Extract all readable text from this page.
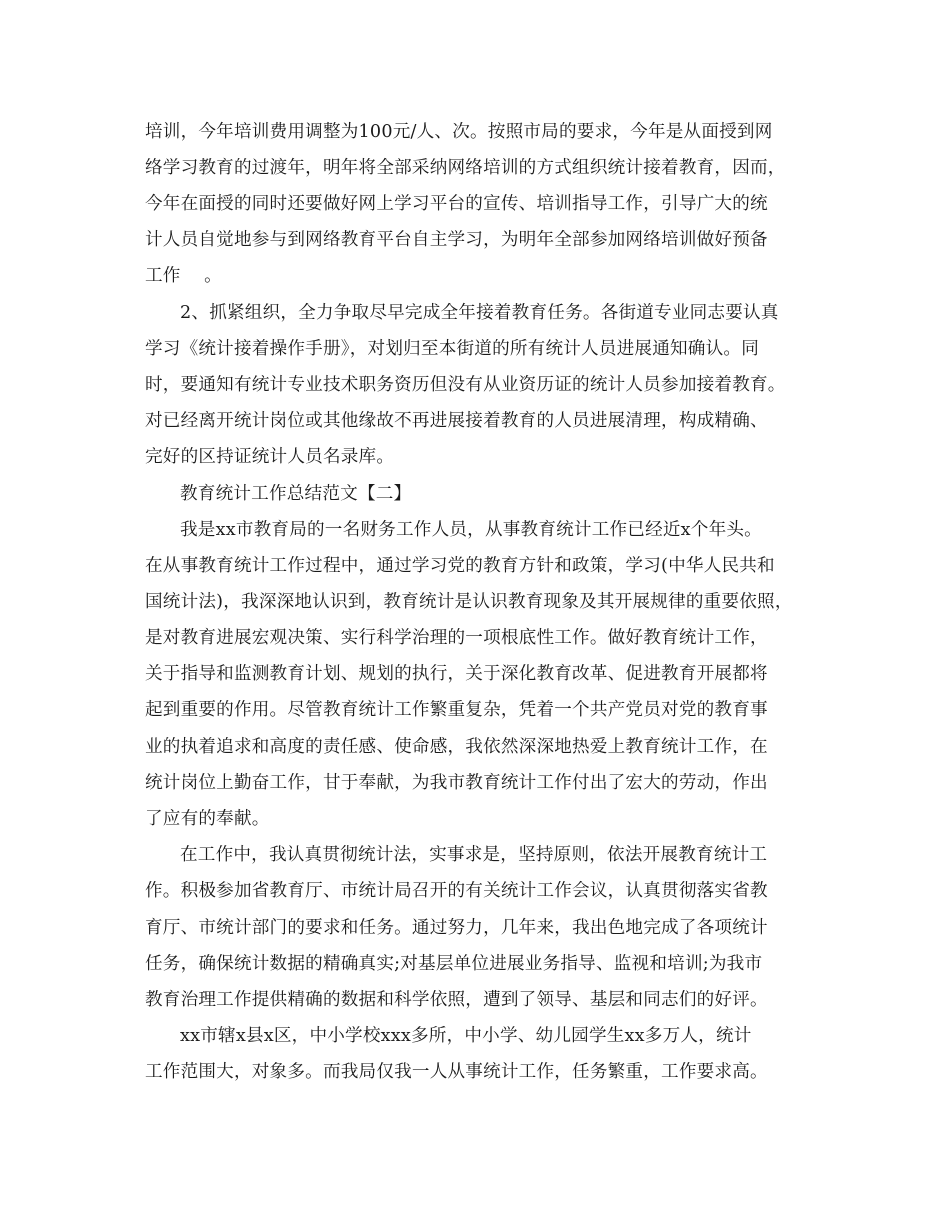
培训，今年培训费用调整为100元/人、次。按照市局的要求，今年是从面授到网
络学习教育的过渡年，明年将全部采纳网络培训的方式组织统计接着教育，因而，
今年在面授的同时还要做好网上学习平台的宣传、培训指导工作，引导广大的统
计人员自觉地参与到网络教育平台自主学习，为明年全部参加网络培训做好预备
工作 　。
2、抓紧组织，全力争取尽早完成全年接着教育任务。各街道专业同志要认真
学习《统计接着操作手册》，对划归至本街道的所有统计人员进展通知确认。同
时，要通知有统计专业技术职务资历但没有从业资历证的统计人员参加接着教育。
对已经离开统计岗位或其他缘故不再进展接着教育的人员进展清理，构成精确、
完好的区持证统计人员名录库。
教育统计工作总结范文【二】
我是xx市教育局的一名财务工作人员，从事教育统计工作已经近x个年头。
在从事教育统计工作过程中，通过学习党的教育方针和政策，学习(中华人民共和
国统计法)，我深深地认识到，教育统计是认识教育现象及其开展规律的重要依照，
是对教育进展宏观决策、实行科学治理的一项根底性工作。做好教育统计工作，
关于指导和监测教育计划、规划的执行，关于深化教育改革、促进教育开展都将
起到重要的作用。尽管教育统计工作繁重复杂，凭着一个共产党员对党的教育事
业的执着追求和高度的责任感、使命感，我依然深深地热爱上教育统计工作，在
统计岗位上勤奋工作，甘于奉献，为我市教育统计工作付出了宏大的劳动，作出
了应有的奉献。
在工作中，我认真贯彻统计法，实事求是，坚持原则，依法开展教育统计工
作。积极参加省教育厅、市统计局召开的有关统计工作会议，认真贯彻落实省教
育厅、市统计部门的要求和任务。通过努力，几年来，我出色地完成了各项统计
任务，确保统计数据的精确真实;对基层单位进展业务指导、监视和培训;为我市
教育治理工作提供精确的数据和科学依照，遭到了领导、基层和同志们的好评。
xx市辖x县x区，中小学校xxx多所，中小学、幼儿园学生xx多万人，统计
工作范围大，对象多。而我局仅我一人从事统计工作，任务繁重，工作要求高。
